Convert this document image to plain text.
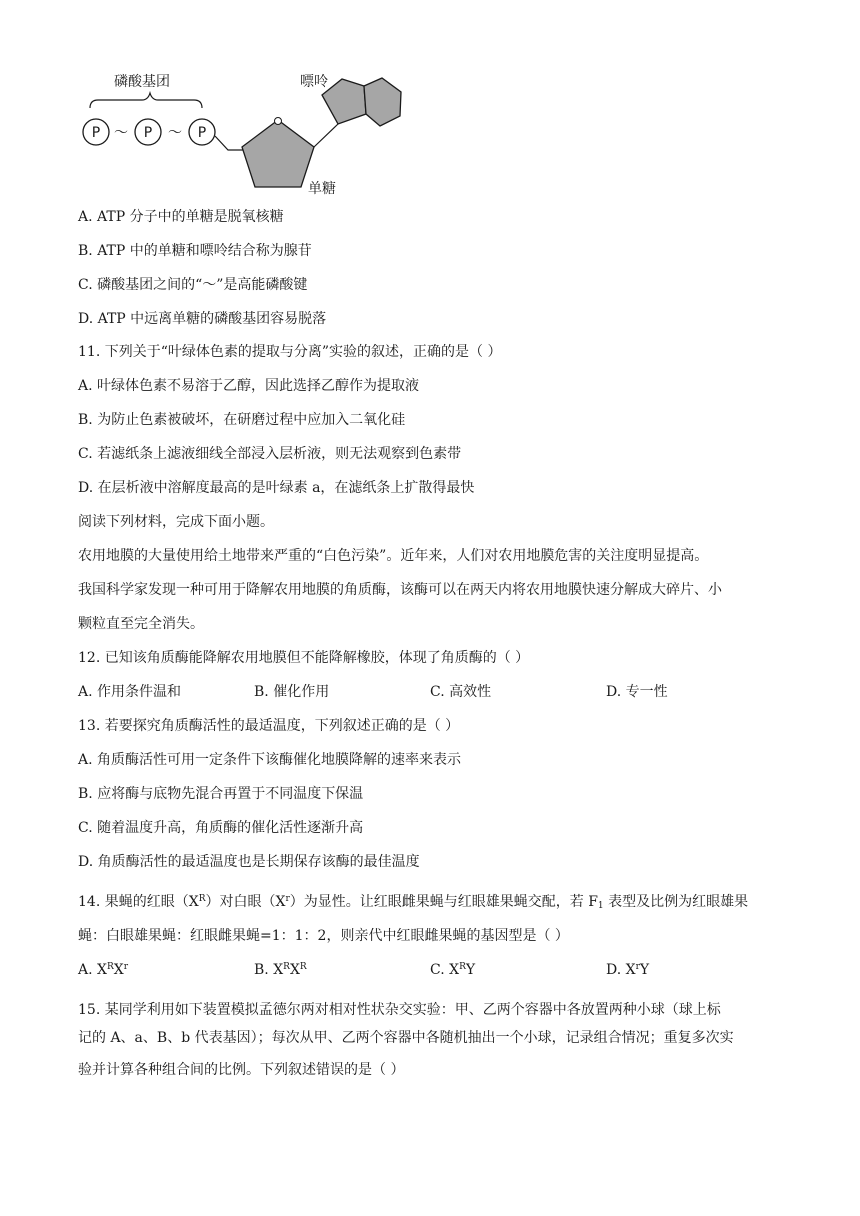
磷酸基团
P ～ P ～ P
嘌呤
单糖
A. ATP 分子中的单糖是脱氧核糖
B. ATP 中的单糖和嘌呤结合称为腺苷
C. 磷酸基团之间的“～”是高能磷酸键
D. ATP 中远离单糖的磷酸基团容易脱落
11. 下列关于“叶绿体色素的提取与分离”实验的叙述，正确的是（ ）
A. 叶绿体色素不易溶于乙醇，因此选择乙醇作为提取液
B. 为防止色素被破坏，在研磨过程中应加入二氧化硅
C. 若滤纸条上滤液细线全部浸入层析液，则无法观察到色素带
D. 在层析液中溶解度最高的是叶绿素 a，在滤纸条上扩散得最快
阅读下列材料，完成下面小题。
农用地膜的大量使用给土地带来严重的“白色污染”。近年来，人们对农用地膜危害的关注度明显提高。
我国科学家发现一种可用于降解农用地膜的角质酶，该酶可以在两天内将农用地膜快速分解成大碎片、小
颗粒直至完全消失。
12. 已知该角质酶能降解农用地膜但不能降解橡胶，体现了角质酶的（ ）
A. 作用条件温和	B. 催化作用	C. 高效性	D. 专一性
13. 若要探究角质酶活性的最适温度，下列叙述正确的是（ ）
A. 角质酶活性可用一定条件下该酶催化地膜降解的速率来表示
B. 应将酶与底物先混合再置于不同温度下保温
C. 随着温度升高，角质酶的催化活性逐渐升高
D. 角质酶活性的最适温度也是长期保存该酶的最佳温度
14. 果蝇的红眼$(X^R)$对白眼$(X^r)$为显性。让红眼雌果蝇与红眼雄果蝇交配，若 $F_1$ 表型及比例为红眼雄果
蝇：白眼雄果蝇：红眼雌果蝇=1：1：2，则亲代中红眼雌果蝇的基因型是（ ）
A. $X^RX^r$	B. $X^RX^R$	C. $X^RY$	D. $X^rY$
15. 某同学利用如下装置模拟孟德尔两对相对性状杂交实验：甲、乙两个容器中各放置两种小球（球上标
记的 A、a、B、b 代表基因）；每次从甲、乙两个容器中各随机抽出一个小球，记录组合情况；重复多次实
验并计算各种组合间的比例。下列叙述错误的是（ ）
